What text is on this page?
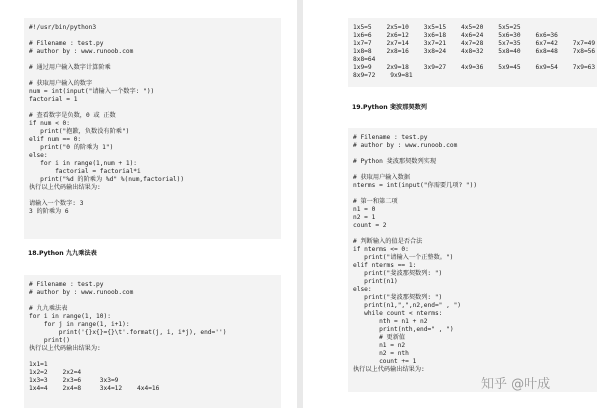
#!/usr/bin/python3
# Filename : test.py
# author by : www.runoob.com
# 通过用户输入数字计算阶乘
# 获取用户输入的数字
num = int(input("请输入一个数字: "))
factorial = 1
# 查看数字是负数，0 或 正数
if num < 0:
print("抱歉，负数没有阶乘")
elif num == 0:
print("0 的阶乘为 1")
else:
for i in range(1,num + 1):
factorial = factorial*i
print("%d 的阶乘为 %d" %(num,factorial))
执行以上代码输出结果为:
请输入一个数字: 3
3 的阶乘为 6
18.Python 九九乘法表
# Filename : test.py
# author by : www.runoob.com
# 九九乘法表
for i in range(1, 10):
for j in range(1, i+1):
print('{}x{}={}\t'.format(j, i, i*j), end='')
print()
执行以上代码输出结果为:
1x1=1
1x2=2    2x2=4
1x3=3    2x3=6     3x3=9
1x4=4    2x4=8     3x4=12    4x4=16
1x5=5    2x5=10    3x5=15    4x5=20    5x5=25
1x6=6    2x6=12    3x6=18    4x6=24    5x6=30    6x6=36
1x7=7    2x7=14    3x7=21    4x7=28    5x7=35    6x7=42    7x7=49
1x8=8    2x8=16    3x8=24    4x8=32    5x8=40    6x8=48    7x8=56
8x8=64
1x9=9    2x9=18    3x9=27    4x9=36    5x9=45    6x9=54    7x9=63
8x9=72    9x9=81
19.Python 斐波那契数列
# Filename : test.py
# author by : www.runoob.com
# Python 斐波那契数列实现
# 获取用户输入数据
nterms = int(input("你需要几项? "))
# 第一和第二项
n1 = 0
n2 = 1
count = 2
# 判断输入的值是否合法
if nterms <= 0:
print("请输入一个正整数。")
elif nterms == 1:
print("斐波那契数列: ")
print(n1)
else:
print("斐波那契数列: ")
print(n1,",",n2,end=" , ")
while count < nterms:
nth = n1 + n2
print(nth,end=" , ")
# 更新值
n1 = n2
n2 = nth
count += 1
执行以上代码输出结果为:
知乎 @叶成
